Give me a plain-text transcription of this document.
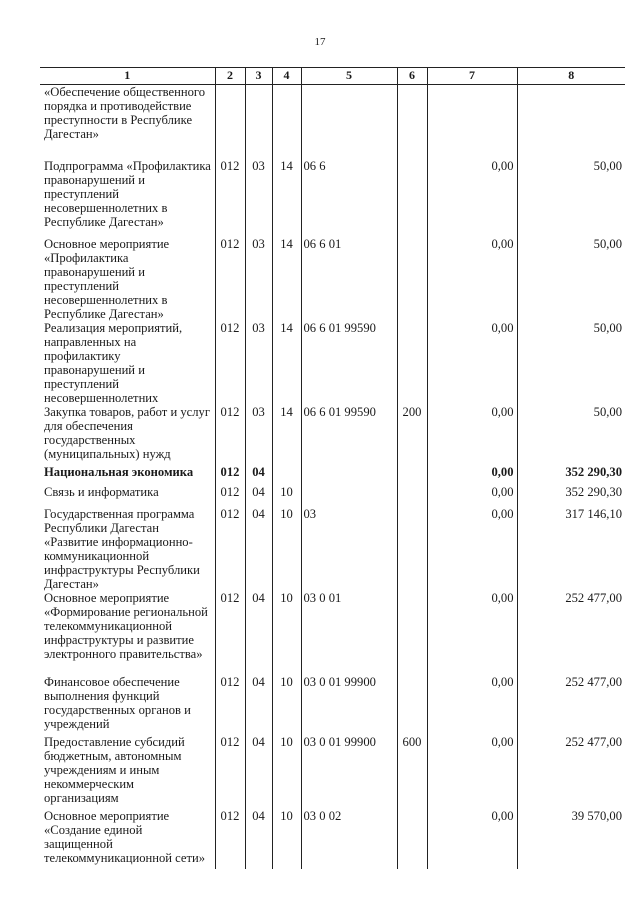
17
1	2	3	4	5	6	7	8
«Обеспечение общественного порядка и противодействие преступности в Республике Дагестан»							
Подпрограмма «Профилактика правонарушений и преступлений несовершеннолетних в Республике Дагестан»	012	03	14	06 6		0,00	50,00
Основное мероприятие «Профилактика правонарушений и преступлений несовершеннолетних в Республике Дагестан»	012	03	14	06 6 01		0,00	50,00
Реализация мероприятий, направленных на профилактику правонарушений и преступлений несовершеннолетних	012	03	14	06 6 01 99590		0,00	50,00
Закупка товаров, работ и услуг для обеспечения государственных (муниципальных) нужд	012	03	14	06 6 01 99590	200	0,00	50,00
Национальная экономика	012	04				0,00	352 290,30
Связь и информатика	012	04	10			0,00	352 290,30
Государственная программа Республики Дагестан «Развитие информационно-коммуникационной инфраструктуры Республики Дагестан»	012	04	10	03		0,00	317 146,10
Основное мероприятие «Формирование региональной телекоммуникационной инфраструктуры и развитие электронного правительства»	012	04	10	03 0 01		0,00	252 477,00
Финансовое обеспечение выполнения функций государственных органов и учреждений	012	04	10	03 0 01 99900		0,00	252 477,00
Предоставление субсидий бюджетным, автономным учреждениям и иным некоммерческим организациям	012	04	10	03 0 01 99900	600	0,00	252 477,00
Основное мероприятие «Создание единой защищенной телекоммуникационной сети»	012	04	10	03 0 02		0,00	39 570,00
